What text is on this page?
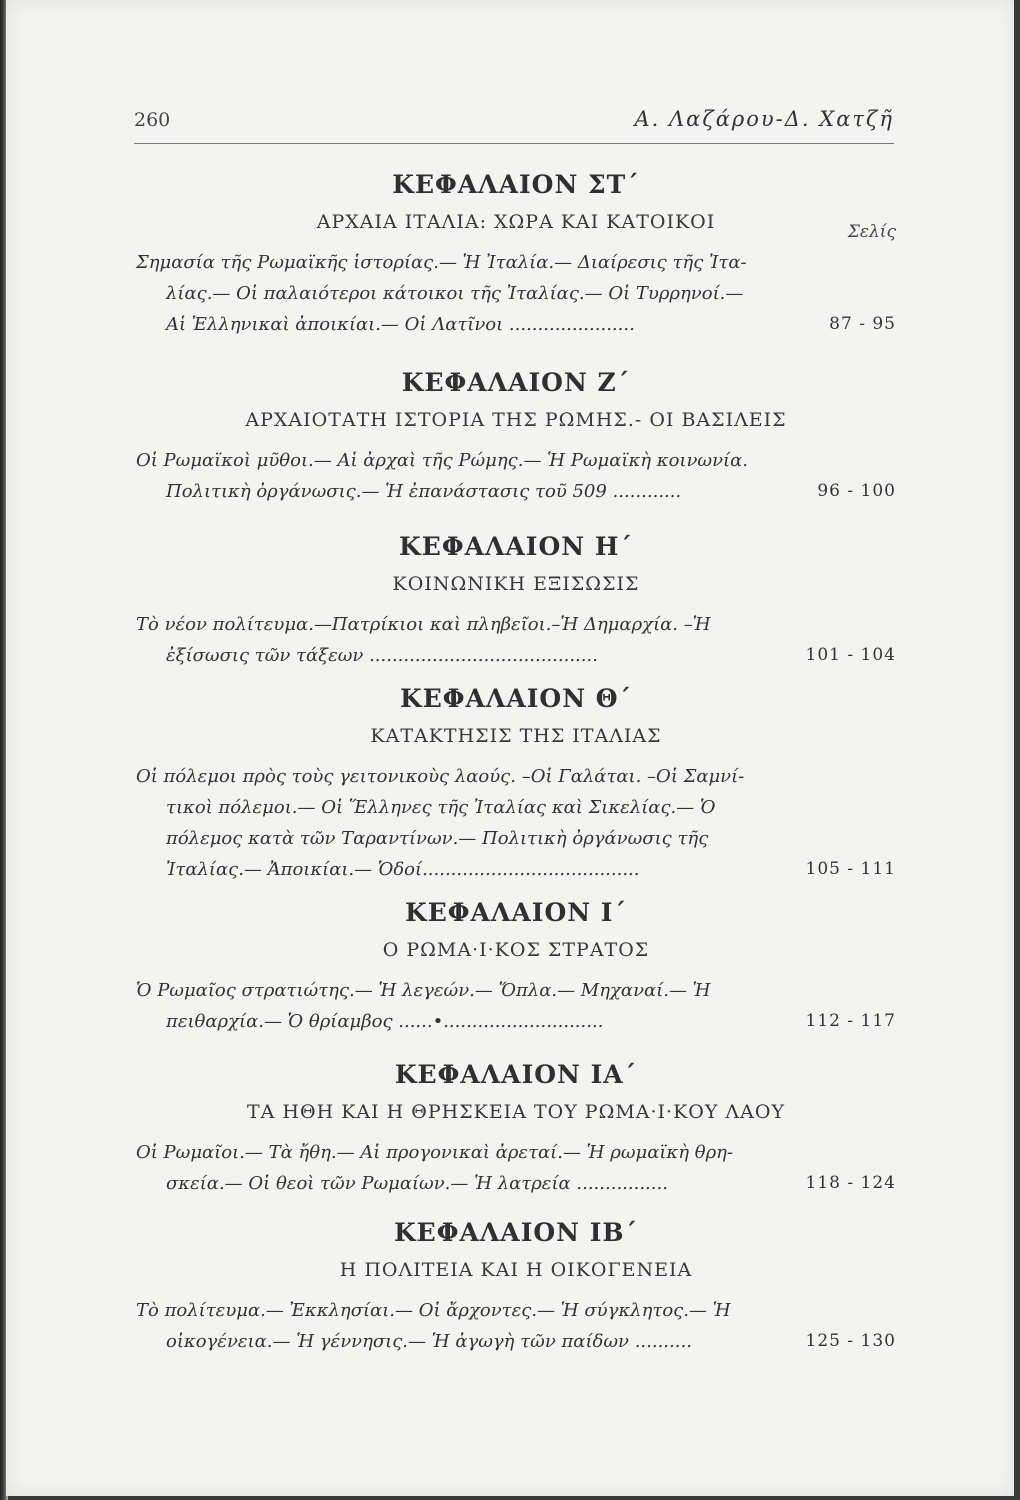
260	Α. Λαζάρου-Δ. Χατζῆ
ΚΕΦΑΛΑΙΟΝ ΣΤ΄
ΑΡΧΑΙΑ ΙΤΑΛΙΑ: ΧΩΡΑ ΚΑΙ ΚΑΤΟΙΚΟΙ	Σελίς
Σημασία τῆς Ρωμαϊκῆς ἱστορίας.— Ἡ Ἰταλία.— Διαίρεσις τῆς Ἰτα-
λίας.— Οἱ παλαιότεροι κάτοικοι τῆς Ἰταλίας.— Οἱ Τυρρηνοί.—
Αἱ Ἑλληνικαὶ ἀποικίαι.— Οἱ Λατῖνοι ......................	87 - 95
ΚΕΦΑΛΑΙΟΝ Ζ΄
ΑΡΧΑΙΟΤΑΤΗ ΙΣΤΟΡΙΑ ΤΗΣ ΡΩΜΗΣ.- ΟΙ ΒΑΣΙΛΕΙΣ
Οἱ Ρωμαϊκοὶ μῦθοι.— Αἱ ἀρχαὶ τῆς Ρώμης.— Ἡ Ρωμαϊκὴ κοινωνία.
Πολιτικὴ ὀργάνωσις.— Ἡ ἐπανάστασις τοῦ 509 ............	96 - 100
ΚΕΦΑΛΑΙΟΝ Η΄
ΚΟΙΝΩΝΙΚΗ ΕΞΙΣΩΣΙΣ
Τὸ νέον πολίτευμα.—Πατρίκιοι καὶ πληβεῖοι.–Ἡ Δημαρχία. –Ἡ
ἐξίσωσις τῶν τάξεων ........................................	101 - 104
ΚΕΦΑΛΑΙΟΝ Θ΄
ΚΑΤΑΚΤΗΣΙΣ ΤΗΣ ΙΤΑΛΙΑΣ
Οἱ πόλεμοι πρὸς τοὺς γειτονικοὺς λαούς. –Οἱ Γαλάται. –Οἱ Σαμνί-
τικοὶ πόλεμοι.— Οἱ Ἕλληνες τῆς Ἰταλίας καὶ Σικελίας.— Ὁ
πόλεμος κατὰ τῶν Ταραντίνων.— Πολιτικὴ ὀργάνωσις τῆς
Ἰταλίας.— Ἀποικίαι.— Ὁδοί......................................	105 - 111
ΚΕΦΑΛΑΙΟΝ Ι΄
Ο ΡΩΜΑ·Ι·ΚΟΣ ΣΤΡΑΤΟΣ
Ὁ Ρωμαῖος στρατιώτης.— Ἡ λεγεών.— Ὅπλα.— Μηχαναί.— Ἡ
πειθαρχία.— Ὁ θρίαμβος ......•............................	112 - 117
ΚΕΦΑΛΑΙΟΝ ΙΑ΄
ΤΑ ΗΘΗ ΚΑΙ Η ΘΡΗΣΚΕΙΑ ΤΟΥ ΡΩΜΑ·Ι·ΚΟΥ ΛΑΟΥ
Οἱ Ρωμαῖοι.— Τὰ ἤθη.— Αἱ προγονικαὶ ἀρεταί.— Ἡ ρωμαϊκὴ θρη-
σκεία.— Οἱ θεοὶ τῶν Ρωμαίων.— Ἡ λατρεία ................	118 - 124
ΚΕΦΑΛΑΙΟΝ ΙΒ΄
Η ΠΟΛΙΤΕΙΑ ΚΑΙ Η ΟΙΚΟΓΕΝΕΙΑ
Τὸ πολίτευμα.— Ἐκκλησίαι.— Οἱ ἄρχοντες.— Ἡ σύγκλητος.— Ἡ
οἰκογένεια.— Ἡ γέννησις.— Ἡ ἀγωγὴ τῶν παίδων ..........	125 - 130
